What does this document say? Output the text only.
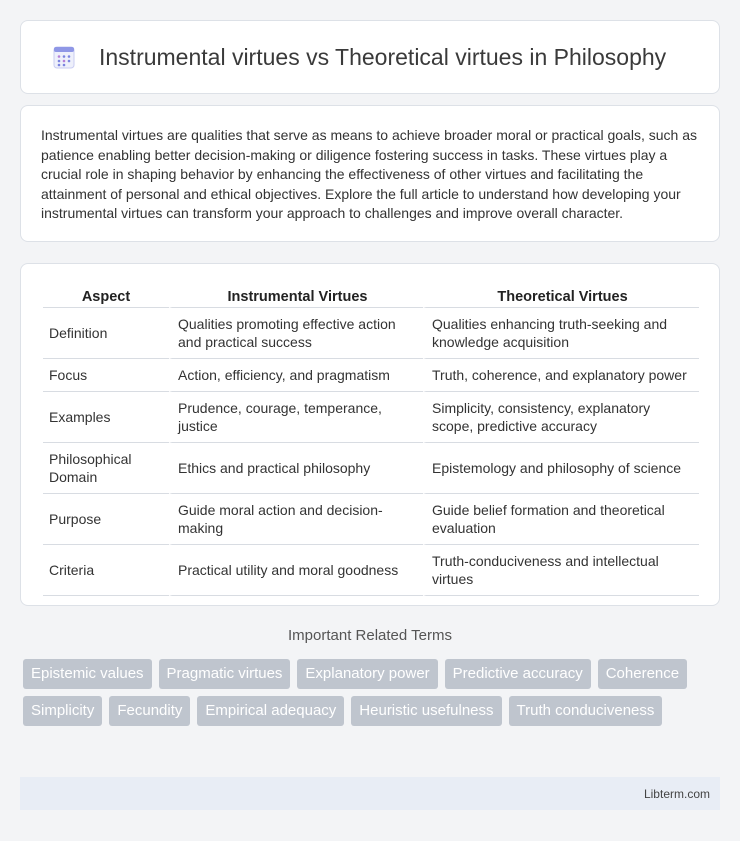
Instrumental virtues vs Theoretical virtues in Philosophy

Instrumental virtues are qualities that serve as means to achieve broader moral or practical goals, such as patience enabling better decision-making or diligence fostering success in tasks. These virtues play a crucial role in shaping behavior by enhancing the effectiveness of other virtues and facilitating the attainment of personal and ethical objectives. Explore the full article to understand how developing your instrumental virtues can transform your approach to challenges and improve overall character.

Aspect	Instrumental Virtues	Theoretical Virtues
Definition	Qualities promoting effective action and practical success	Qualities enhancing truth-seeking and knowledge acquisition
Focus	Action, efficiency, and pragmatism	Truth, coherence, and explanatory power
Examples	Prudence, courage, temperance, justice	Simplicity, consistency, explanatory scope, predictive accuracy
Philosophical Domain	Ethics and practical philosophy	Epistemology and philosophy of science
Purpose	Guide moral action and decision-making	Guide belief formation and theoretical evaluation
Criteria	Practical utility and moral goodness	Truth-conduciveness and intellectual virtues
Important Related Terms
Epistemic values	Pragmatic virtues	Explanatory power	Predictive accuracy	Coherence
Simplicity	Fecundity	Empirical adequacy	Heuristic usefulness	Truth conduciveness
Libterm.com
